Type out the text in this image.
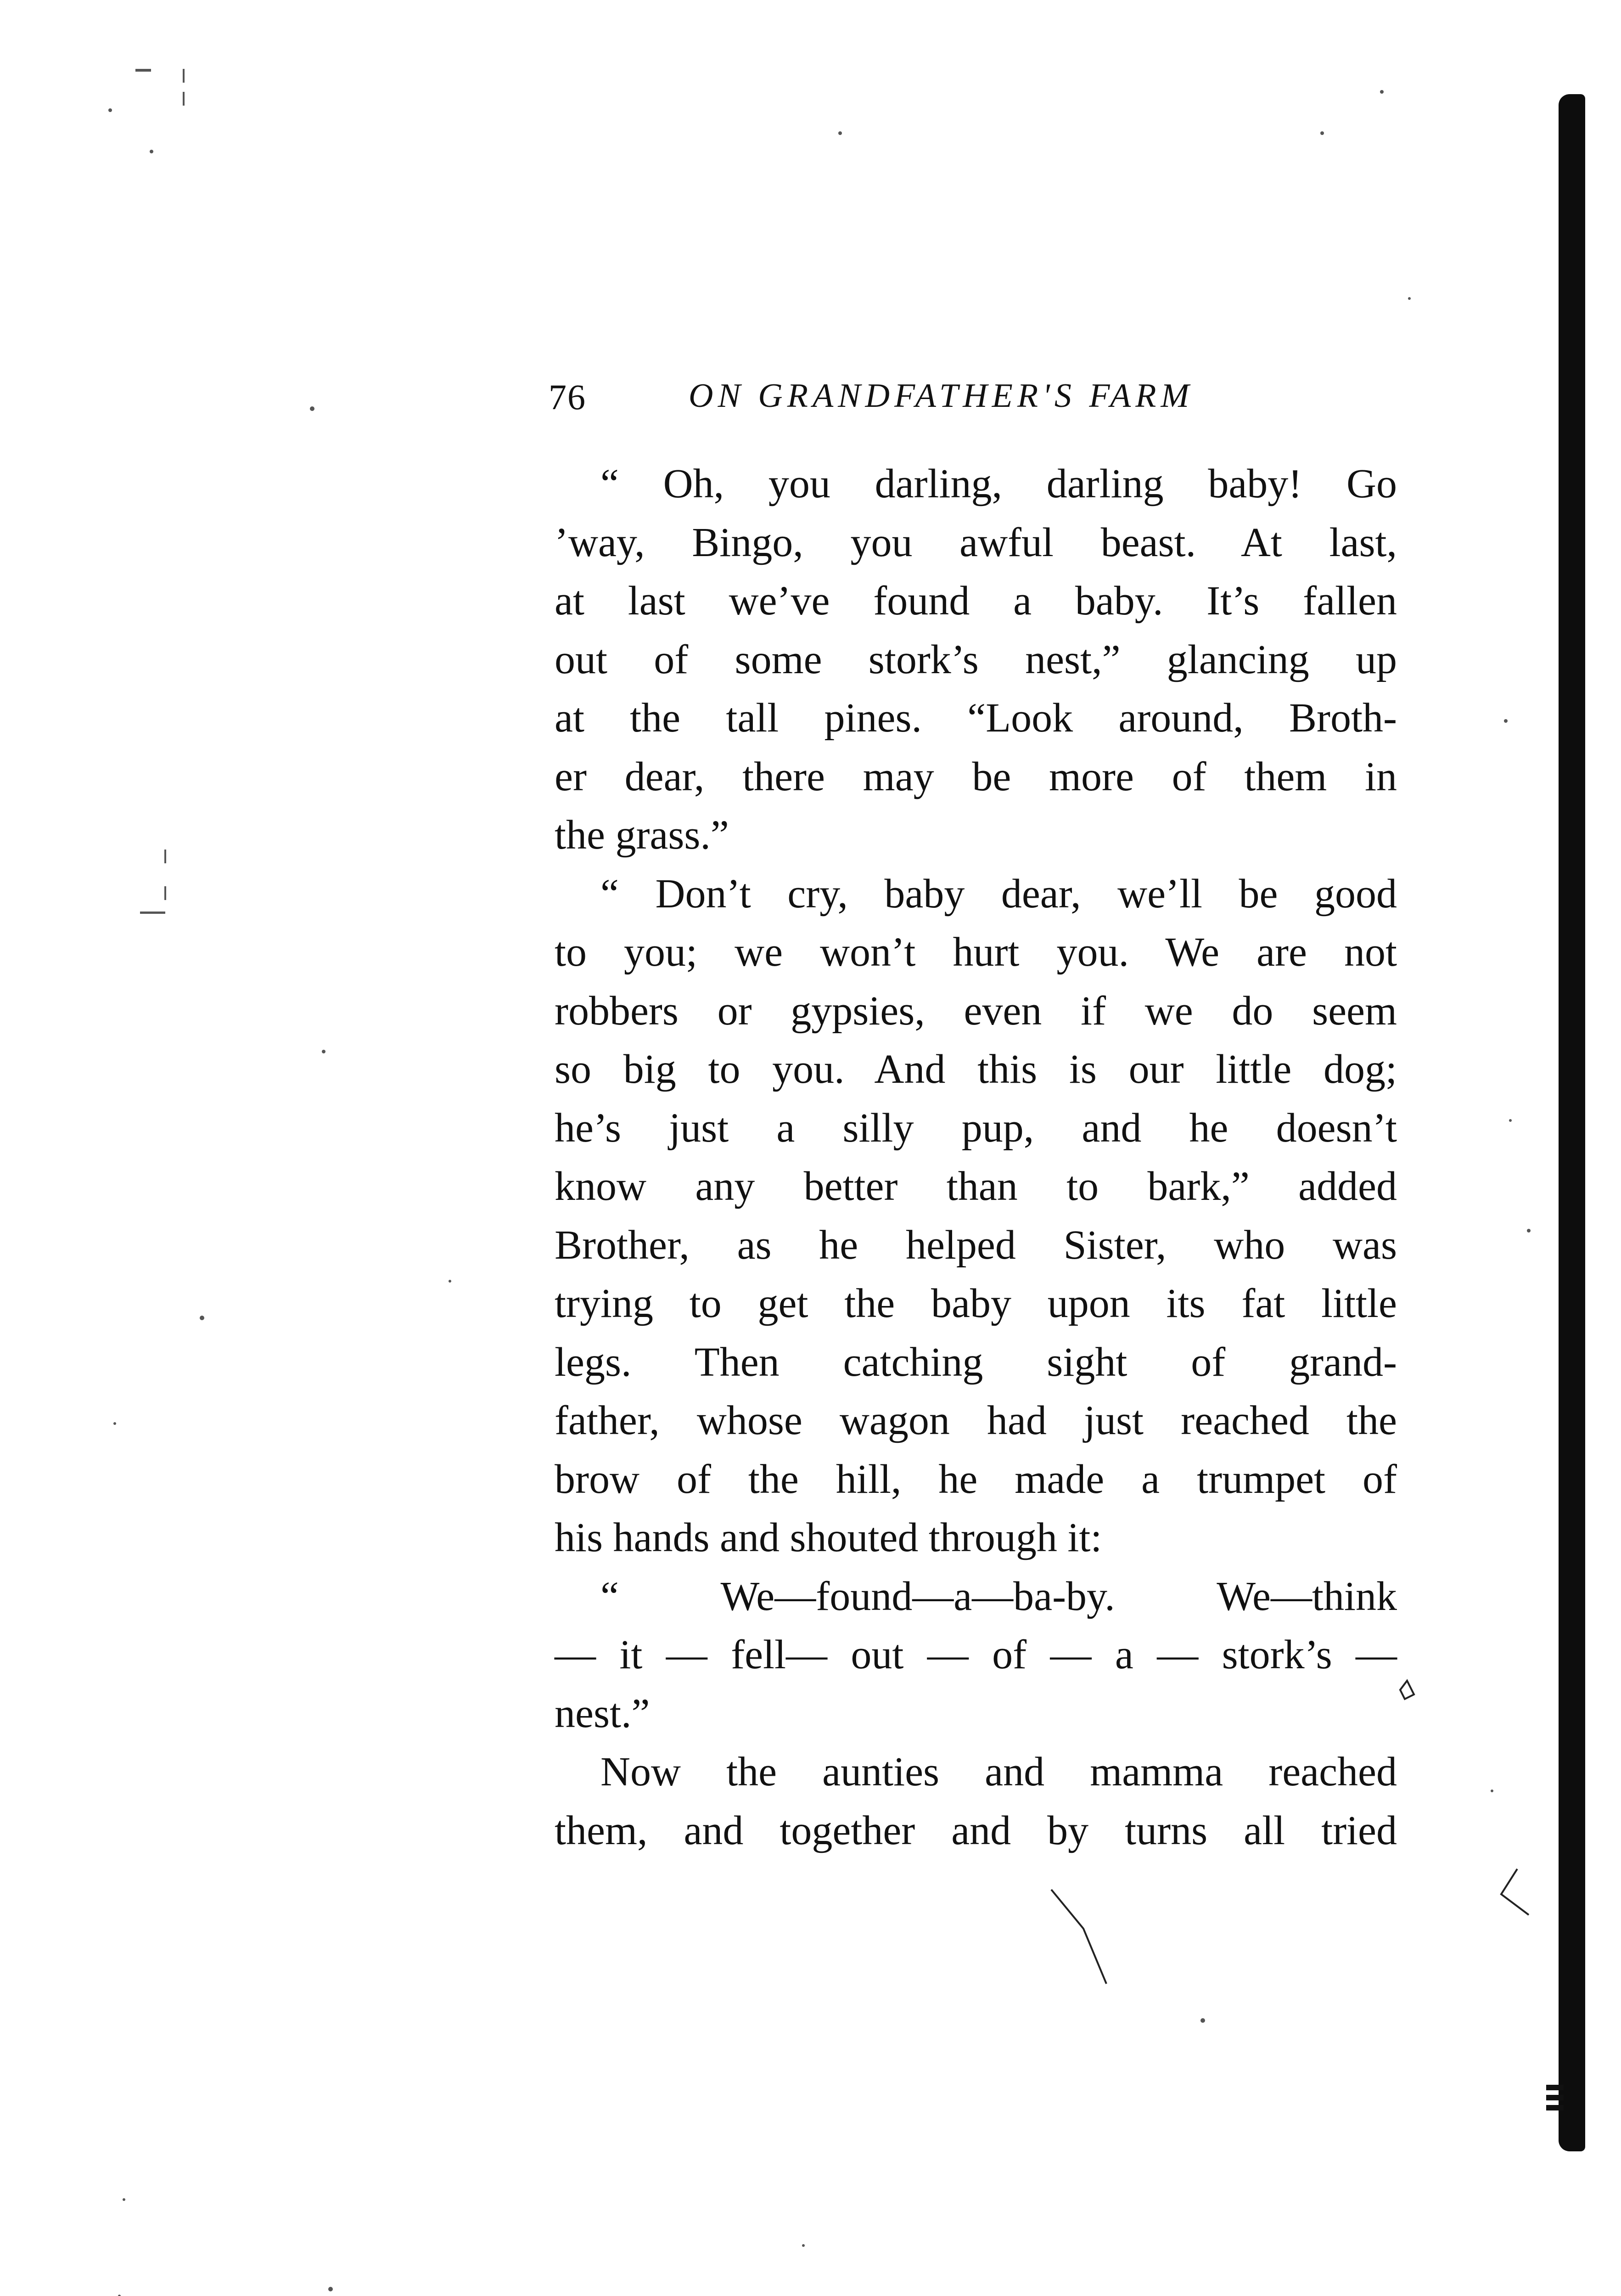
76	ON GRANDFATHER'S FARM
“ Oh, you darling, darling baby! Go
’way, Bingo, you awful beast. At last,
at last we’ve found a baby. It’s fallen
out of some stork’s nest,” glancing up
at the tall pines. “Look around, Broth-
er dear, there may be more of them in
the grass.”
“ Don’t cry, baby dear, we’ll be good
to you; we won’t hurt you. We are not
robbers or gypsies, even if we do seem
so big to you. And this is our little dog;
he’s just a silly pup, and he doesn’t
know any better than to bark,” added
Brother, as he helped Sister, who was
trying to get the baby upon its fat little
legs. Then catching sight of grand-
father, whose wagon had just reached the
brow of the hill, he made a trumpet of
his hands and shouted through it:
“ We—found—a—ba-by. We—think
— it — fell— out — of — a — stork’s —
nest.”
Now the aunties and mamma reached
them, and together and by turns all tried
